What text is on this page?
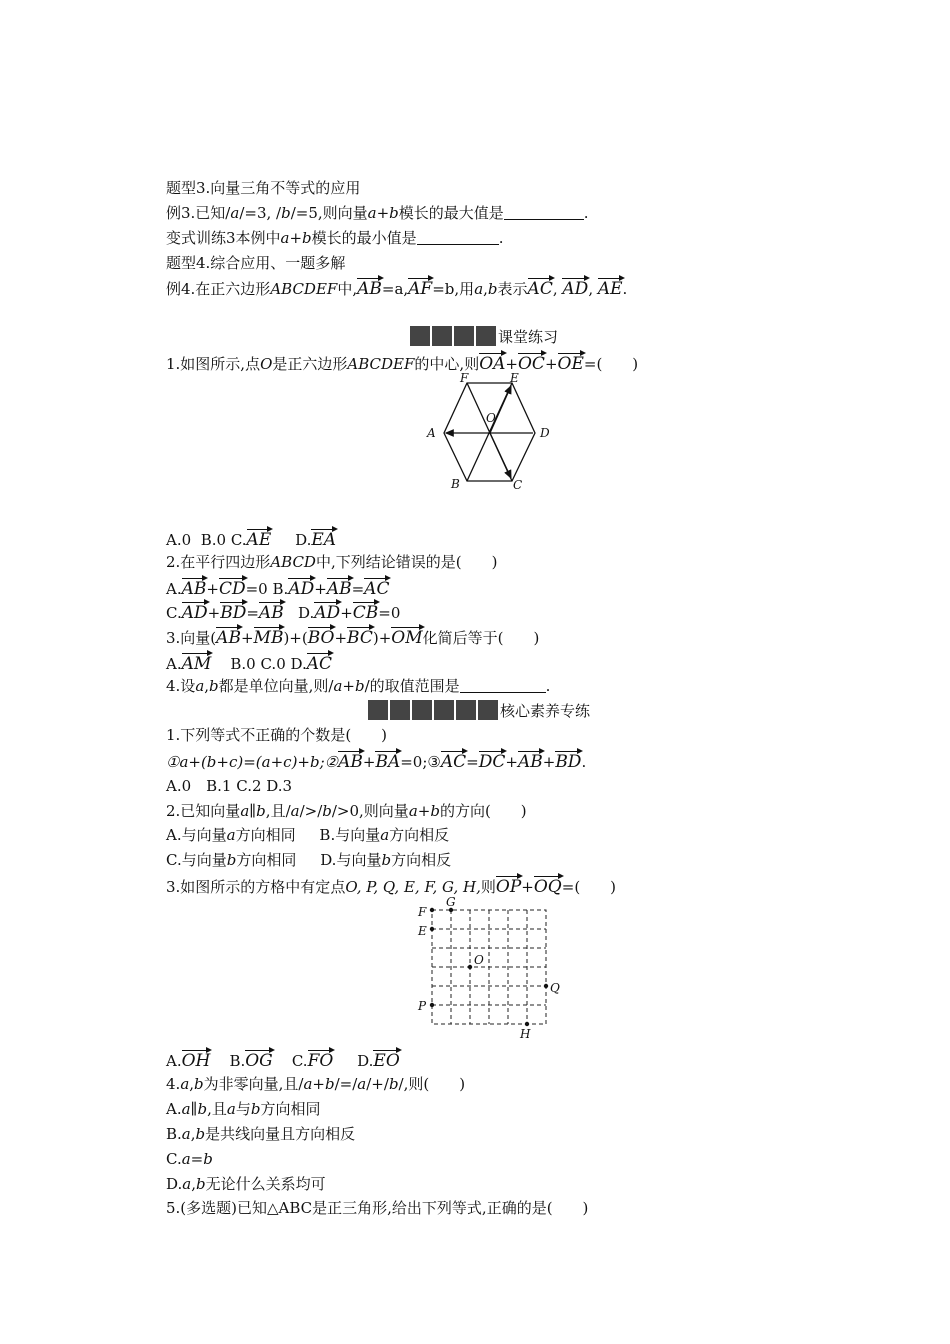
题型3.向量三角不等式的应用
例3.已知/a/=3, /b/=5,则向量a+b模长的最大值是	.
变式训练3本例中a+b模长的最小值是	.
题型4.综合应用、一题多解
例4.在正六边形ABCDEF中,AB=a,AF=b,用a,b表示AC, AD, AE.
课堂练习
1.如图所示,点O是正六边形ABCDEF的中心,则OA+OC+OE=(　　)
F	E
A
O
D
B	C
A.0 B.0 C.AE D.EA
2.在平行四边形ABCD中,下列结论错误的是(　　)
A.AB+CD=0 B.AD+AB=AC
C.AD+BD=AB D.AD+CB=0
3.向量(AB+MB)+(BO+BC)+OM化简后等于(　　)
A.AM B.0 C.0 D.AC
4.设a,b都是单位向量,则/a+b/的取值范围是	.
核心素养专练
1.下列等式不正确的个数是(　　)
①a+(b+c)=(a+c)+b;②AB+BA=0;③AC=DC+AB+BD.
A.0　B.1 C.2 D.3
2.已知向量a∥b,且/a/>/b/>0,则向量a+b的方向(　　)
A.与向量a方向相同 B.与向量a方向相反
C.与向量b方向相同 D.与向量b方向相反
3.如图所示的方格中有定点O, P, Q, E, F, G, H,则OP+OQ=(　　)
F
G
E
O
Q
P
H
A.OH B.OG C.FO D.EO
4.a,b为非零向量,且/a+b/=/a/+/b/,则(　　)
A.a∥b,且a与b方向相同
B.a,b是共线向量且方向相反
C.a=b
D.a,b无论什么关系均可
5.(多选题)已知△ABC是正三角形,给出下列等式,正确的是(　　)
